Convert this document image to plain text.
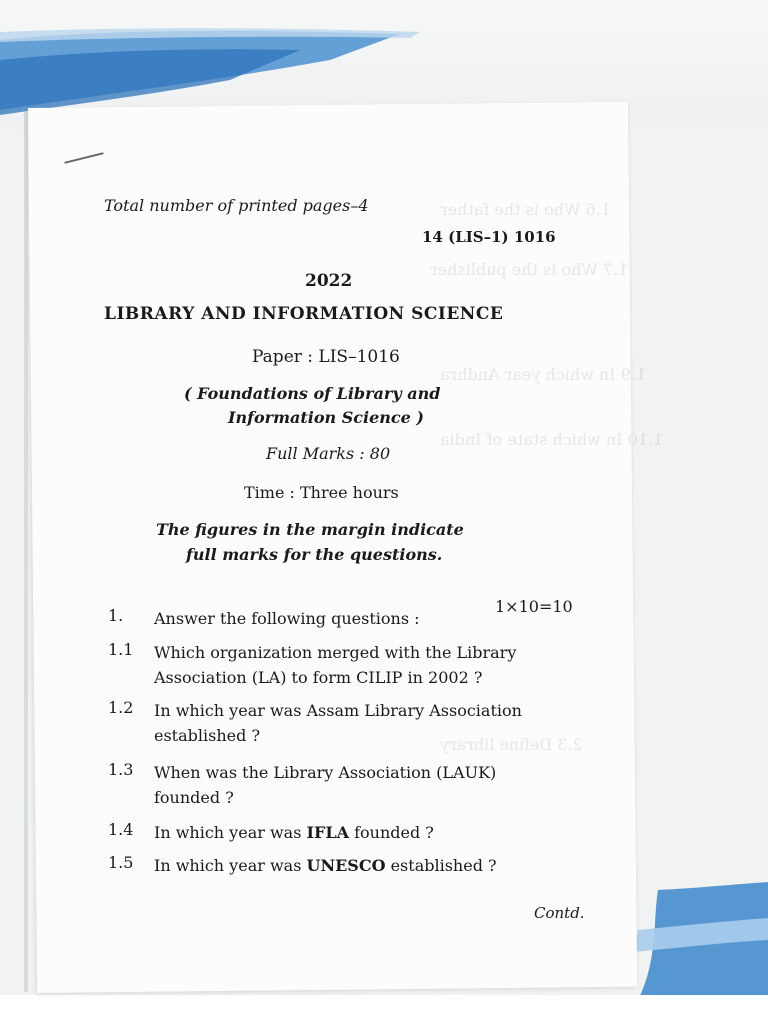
1.6 Who is the father
1.7 Who is the publisher
1.9 In which year Andhra
1.10 In which state of India
2.3 Define library
Total number of printed pages–4
14 (LIS–1) 1016
2022
LIBRARY AND INFORMATION SCIENCE
Paper : LIS–1016
( Foundations of Library and
Information Science )
Full Marks : 80
Time : Three hours
The figures in the margin indicate
full marks for the questions.
1. Answer the following questions :
1×10=10
1.1 Which organization merged with the Library
Association (LA) to form CILIP in 2002 ?
1.2 In which year was Assam Library Association
established ?
1.3 When was the Library Association (LAUK)
founded ?
1.4 In which year was IFLA founded ?
1.5 In which year was UNESCO established ?
Contd.
